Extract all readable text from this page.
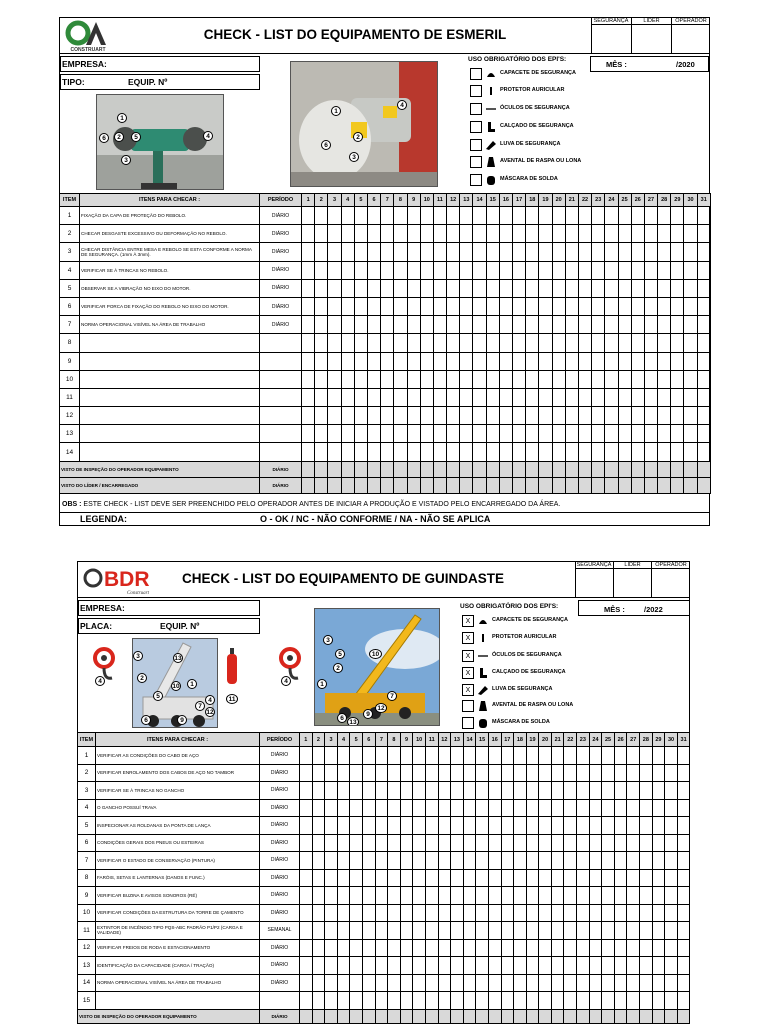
CONSTRUART
CHECK - LIST DO EQUIPAMENTO DE ESMERIL
SEGURANÇA	LÍDER	OPERADOR
EMPRESA:
TIPO:	EQUIP. Nº
1
6	2	5	4
3
1
4
2
6
3
USO OBRIGATÓRIO DOS EPI'S:
CAPACETE DE SEGURANÇA
PROTETOR AURICULAR
ÓCULOS DE SEGURANÇA
CALÇADO DE SEGURANÇA
LUVA DE SEGURANÇA
AVENTAL DE RASPA OU LONA
MÁSCARA DE SOLDA
MÊS :	/2020
ITEM	ITENS PARA CHECAR :	PERÍODO	1	2	3	4	5	6	7	8	9	10	11	12	13	14	15	16	17	18	19	20	21	22	23	24	25	26	27	28	29	30	31
1	FIXAÇÃO DA CAPA DE PROTEÇÃO DO REBOLO.	DIÁRIO																															
2	CHECAR DESGASTE EXCESSIVO OU DEFORMAÇÃO NO REBOLO.	DIÁRIO																															
3	CHECAR DISTÂNCIA ENTRE MESA E REBOLO SE ESTA CONFORME A NORMA DE SEGURANÇA. (1mm À 3mm).	DIÁRIO																															
4	VERIFICAR SE À TRINCAS NO REBOLO.	DIÁRIO																															
5	OBSERVAR SE A VIBRAÇÃO NO EIXO DO MOTOR.	DIÁRIO																															
6	VERIFICAR PORCA DE FIXAÇÃO DO REBOLO NO EIXO DO MOTOR.	DIÁRIO																															
7	NORMA OPERACIONAL VISÍVEL NA ÁREA DE TRABALHO	DIÁRIO																															
8																																	
9																																	
10																																	
11																																	
12																																	
13																																	
14																																	
VISTO DE INSPEÇÃO DO OPERADOR EQUIPAMENTO		DIÁRIO																															
VISTO DO LÍDER / ENCARREGADO		DIÁRIO																															
OBS : ESTE CHECK - LIST DEVE SER PREENCHIDO PELO OPERADOR ANTES DE INICIAR A PRODUÇÃO E VISTADO PELO ENCARREGADO DA ÁREA.
LEGENDA:	O - OK / NC - NÃO CONFORME / NA - NÃO SE APLICA
BDR
Construart
CHECK - LIST DO EQUIPAMENTO DE GUINDASTE
SEGURANÇA	LÍDER	OPERADOR
EMPRESA:
PLACA:	EQUIP. Nº
3	13
2
10	1
5
4
7
12
6	9
4
11
4
3
5	10
2
1
7
12
6
13
9
USO OBRIGATÓRIO DOS EPI'S:
X	CAPACETE DE SEGURANÇA
X	PROTETOR AURICULAR
X	ÓCULOS DE SEGURANÇA
X	CALÇADO DE SEGURANÇA
X	LUVA DE SEGURANÇA
AVENTAL DE RASPA OU LONA
MÁSCARA DE SOLDA
MÊS :	/2022
ITEM	ITENS PARA CHECAR :	PERÍODO	1	2	3	4	5	6	7	8	9	10	11	12	13	14	15	16	17	18	19	20	21	22	23	24	25	26	27	28	29	30	31
1	VERIFICAR AS CONDIÇÕES DO CABO DE AÇO	DIÁRIO																															
2	VERIFICAR ENROLAMENTO DOS CABOS DE AÇO NO TAMBOR	DIÁRIO																															
3	VERIFICAR SE À TRINCAS NO GANCHO	DIÁRIO																															
4	O GANCHO POSSUÍ TRAVA	DIÁRIO																															
5	INSPECIONAR AS ROLDANAS DA PONTA DE LANÇA	DIÁRIO																															
6	CONDIÇÕES GERAIS DOS PNEUS OU ESTEIRAS	DIÁRIO																															
7	VERIFICAR O ESTADO DE CONSERVAÇÃO (PINTURA)	DIÁRIO																															
8	FARÓIS, SETAS E LANTERNAS (DANOS E FUNC.)	DIÁRIO																															
9	VERIFICAR BUZINA E AVISOS SONOROS (RÉ)	DIÁRIO																															
10	VERIFICAR CONDIÇÕES DA ESTRUTURA DA TORRE DE ÇAMENTO	DIÁRIO																															
11	EXTINTOR DE INCÊNDIO TIPO PQS-ABC PADRÃO P1/P2 (CARGA E VALIDADE)	SEMANAL																															
12	VERIFICAR FREIOS DE RODA E ESTACIONAMENTO	DIÁRIO																															
13	IDENTIFICAÇÃO DA CAPACIDADE (CARGA / TRAÇÃO)	DIÁRIO																															
14	NORMA OPERACIONAL VISÍVEL NA ÁREA DE TRABALHO	DIÁRIO																															
15																																	
VISTO DE INSPEÇÃO DO OPERADOR EQUIPAMENTO		DIÁRIO																															
